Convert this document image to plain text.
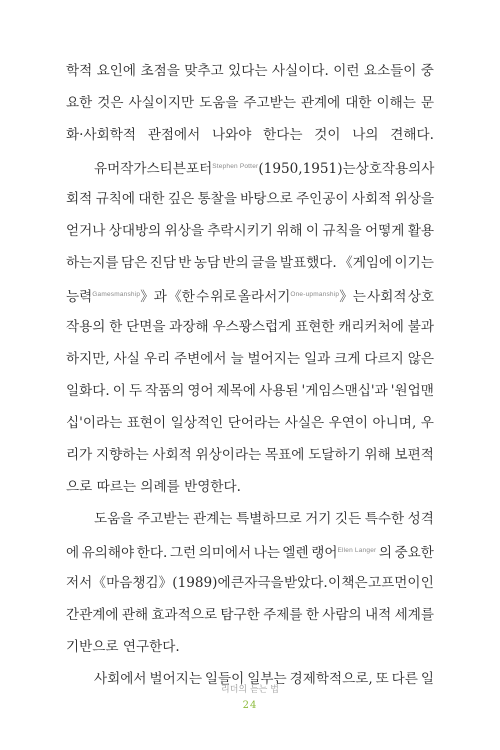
학적 요인에 초점을 맞추고 있다는 사실이다. 이런 요소들이 중
요한 것은 사실이지만 도움을 주고받는 관계에 대한 이해는 문
화·사회학적 관점에서 나와야 한다는 것이 나의 견해다.
유머 작가 스티븐 포터$^{Stephen Potter}$ (1950,1951)는 상호작용의 사
회적 규칙에 대한 깊은 통찰을 바탕으로 주인공이 사회적 위상을
얻거나 상대방의 위상을 추락시키기 위해 이 규칙을 어떻게 활용
하는지를 담은 진담 반 농담 반의 글을 발표했다. 《게임에 이기는
능력$^{Gamesmanship}$》과 《한 수 위로 올라서기$^{One-upmanship}$》는 사회적 상호
작용의 한 단면을 과장해 우스꽝스럽게 표현한 캐리커처에 불과
하지만, 사실 우리 주변에서 늘 벌어지는 일과 크게 다르지 않은
일화다. 이 두 작품의 영어 제목에 사용된 '게임스맨십'과 '원업맨
십'이라는 표현이 일상적인 단어라는 사실은 우연이 아니며, 우
리가 지향하는 사회적 위상이라는 목표에 도달하기 위해 보편적
으로
따르는
의례를
반영한다.
도움을 주고받는 관계는 특별하므로 거기 깃든 특수한 성격
에 유의해야 한다. 그런 의미에서 나는 엘렌 랭어$^{Ellen Langer}$ 의 중요한
저서 《마음챙김》(1989)에 큰 자극을 받았다. 이 책은 고프먼이 인
간관계에 관해 효과적으로 탐구한 주제를 한 사람의 내적 세계를
기반으로
연구한다.
사회에서 벌어지는 일들이 일부는 경제학적으로, 또 다른 일
리더의 듣는 법
24
